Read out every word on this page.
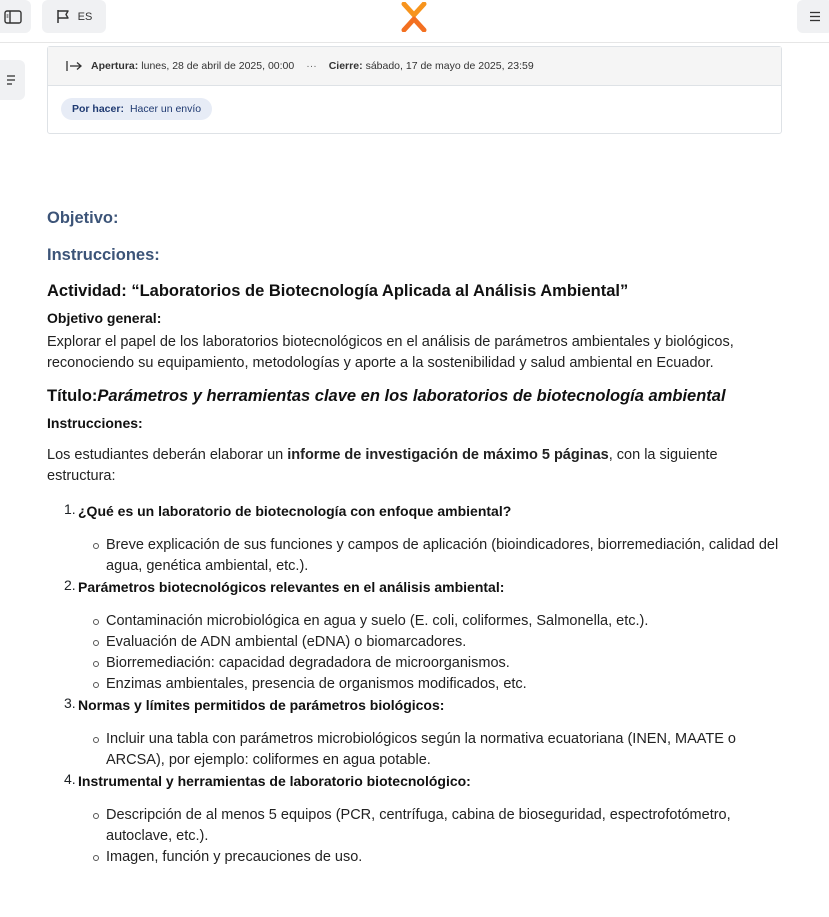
ES
Apertura: lunes, 28 de abril de 2025, 00:00 ··· Cierre: sábado, 17 de mayo de 2025, 23:59
Por hacer: Hacer un envío
Objetivo:
Instrucciones:
Actividad: “Laboratorios de Biotecnología Aplicada al Análisis Ambiental”
Objetivo general:

Explorar el papel de los laboratorios biotecnológicos en el análisis de parámetros ambientales y biológicos, reconociendo su equipamiento, metodologías y aporte a la sostenibilidad y salud ambiental en Ecuador.

Título:Parámetros y herramientas clave en los laboratorios de biotecnología ambiental
Instrucciones:

Los estudiantes deberán elaborar un informe de investigación de máximo 5 páginas, con la siguiente estructura:

1. ¿Qué es un laboratorio de biotecnología con enfoque ambiental?
Breve explicación de sus funciones y campos de aplicación (bioindicadores, biorremediación, calidad del agua, genética ambiental, etc.).
2. Parámetros biotecnológicos relevantes en el análisis ambiental:
Contaminación microbiológica en agua y suelo (E. coli, coliformes, Salmonella, etc.).
Evaluación de ADN ambiental (eDNA) o biomarcadores.
Biorremediación: capacidad degradadora de microorganismos.
Enzimas ambientales, presencia de organismos modificados, etc.
3. Normas y límites permitidos de parámetros biológicos:
Incluir una tabla con parámetros microbiológicos según la normativa ecuatoriana (INEN, MAATE o ARCSA), por ejemplo: coliformes en agua potable.
4. Instrumental y herramientas de laboratorio biotecnológico:
Descripción de al menos 5 equipos (PCR, centrífuga, cabina de bioseguridad, espectrofotómetro, autoclave, etc.).
Imagen, función y precauciones de uso.
